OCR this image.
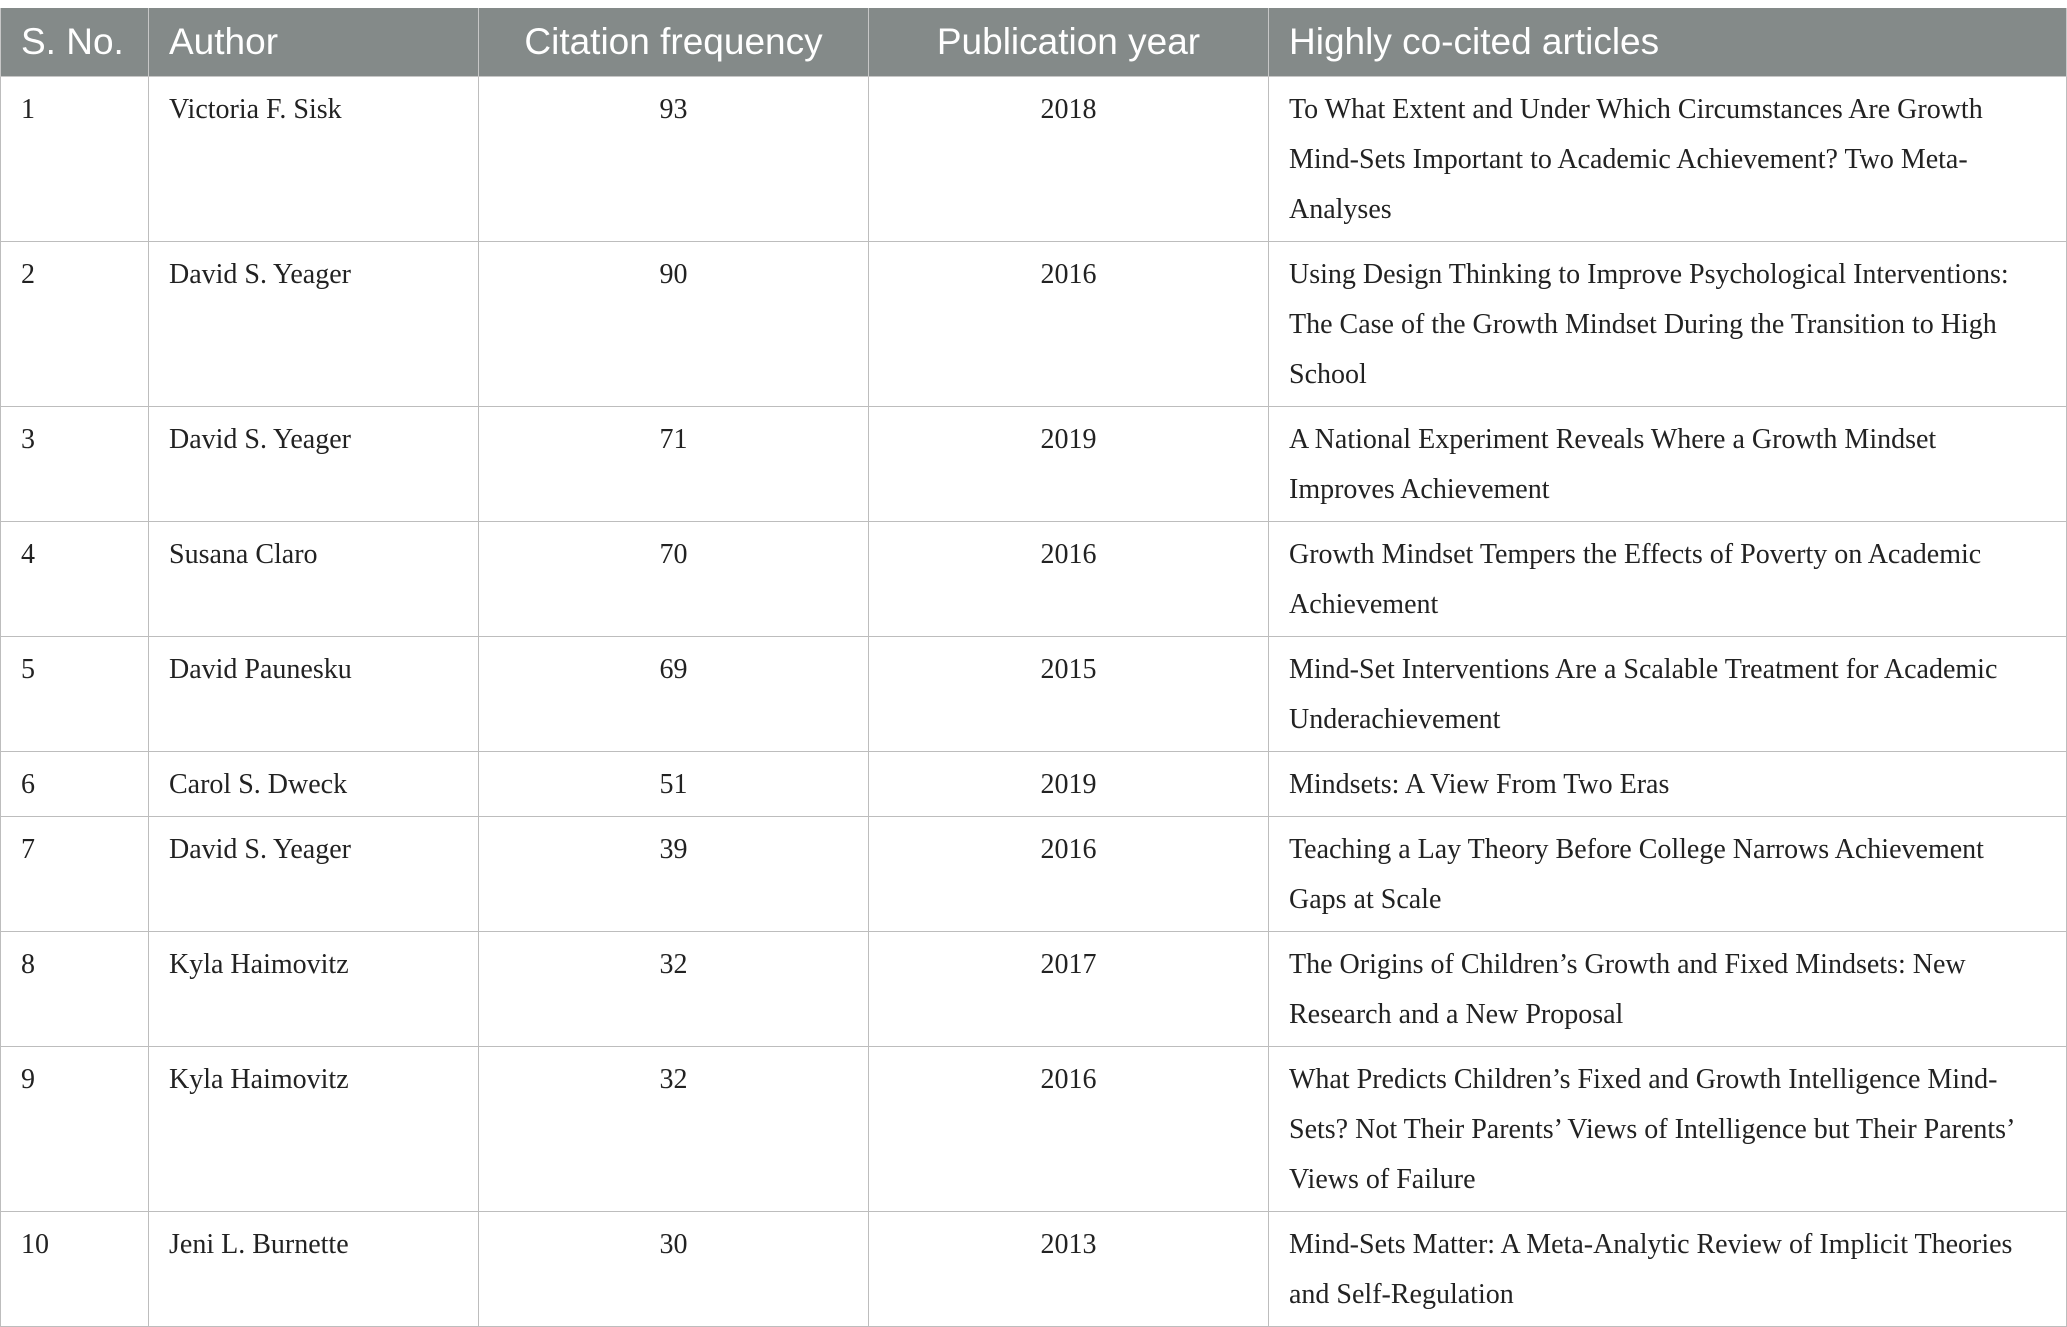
S. No.	Author	Citation frequency	Publication year	Highly co-cited articles
1	Victoria F. Sisk	93	2018	To What Extent and Under Which Circumstances Are Growth Mind-Sets Important to Academic Achievement? Two Meta-Analyses
2	David S. Yeager	90	2016	Using Design Thinking to Improve Psychological Interventions: The Case of the Growth Mindset During the Transition to High School
3	David S. Yeager	71	2019	A National Experiment Reveals Where a Growth Mindset Improves Achievement
4	Susana Claro	70	2016	Growth Mindset Tempers the Effects of Poverty on Academic Achievement
5	David Paunesku	69	2015	Mind-Set Interventions Are a Scalable Treatment for Academic Underachievement
6	Carol S. Dweck	51	2019	Mindsets: A View From Two Eras
7	David S. Yeager	39	2016	Teaching a Lay Theory Before College Narrows Achievement Gaps at Scale
8	Kyla Haimovitz	32	2017	The Origins of Children’s Growth and Fixed Mindsets: New Research and a New Proposal
9	Kyla Haimovitz	32	2016	What Predicts Children’s Fixed and Growth Intelligence Mind-Sets? Not Their Parents’ Views of Intelligence but Their Parents’ Views of Failure
10	Jeni L. Burnette	30	2013	Mind-Sets Matter: A Meta-Analytic Review of Implicit Theories and Self-Regulation
